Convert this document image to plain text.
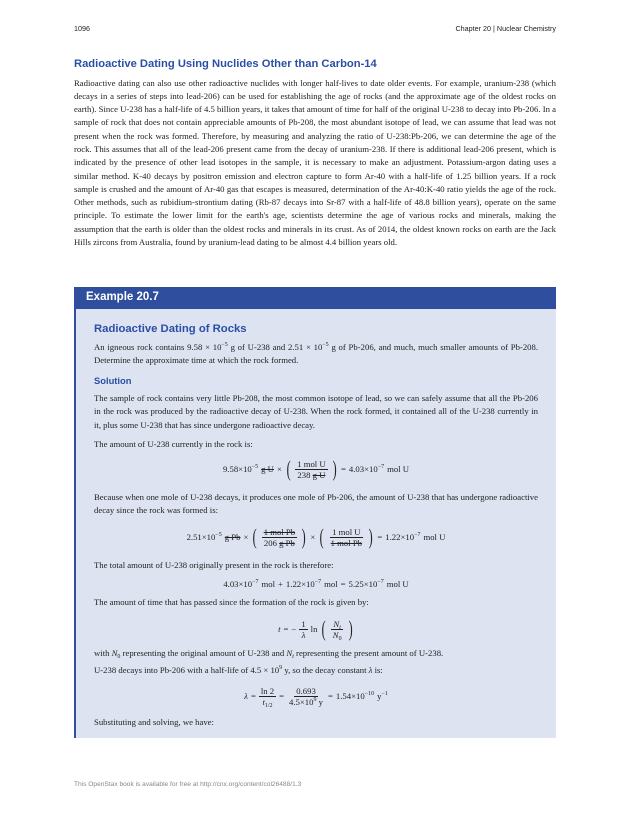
1096	Chapter 20 | Nuclear Chemistry
Radioactive Dating Using Nuclides Other than Carbon-14

Radioactive dating can also use other radioactive nuclides with longer half-lives to date older events. For example, uranium-238 (which decays in a series of steps into lead-206) can be used for establishing the age of rocks (and the approximate age of the oldest rocks on earth). Since U-238 has a half-life of 4.5 billion years, it takes that amount of time for half of the original U-238 to decay into Pb-206. In a sample of rock that does not contain appreciable amounts of Pb-208, the most abundant isotope of lead, we can assume that lead was not present when the rock was formed. Therefore, by measuring and analyzing the ratio of U-238:Pb-206, we can determine the age of the rock. This assumes that all of the lead-206 present came from the decay of uranium-238. If there is additional lead-206 present, which is indicated by the presence of other lead isotopes in the sample, it is necessary to make an adjustment. Potassium-argon dating uses a similar method. K-40 decays by positron emission and electron capture to form Ar-40 with a half-life of 1.25 billion years. If a rock sample is crushed and the amount of Ar-40 gas that escapes is measured, determination of the Ar-40:K-40 ratio yields the age of the rock. Other methods, such as rubidium-strontium dating (Rb-87 decays into Sr-87 with a half-life of 48.8 billion years), operate on the same principle. To estimate the lower limit for the earth's age, scientists determine the age of various rocks and minerals, making the assumption that the earth is older than the oldest rocks and minerals in its crust. As of 2014, the oldest known rocks on earth are the Jack Hills zircons from Australia, found by uranium-lead dating to be almost 4.4 billion years old.

Example 20.7
Radioactive Dating of Rocks

An igneous rock contains $9.58 \times 10^{-5}$ g of U-238 and $2.51 \times 10^{-5}$ g of Pb-206, and much, much smaller amounts of Pb-208. Determine the approximate time at which the rock formed.

Solution

The sample of rock contains very little Pb-208, the most common isotope of lead, so we can safely assume that all the Pb-206 in the rock was produced by the radioactive decay of U-238. When the rock formed, it contained all of the U-238 currently in it, plus some U-238 that has since undergone radioactive decay.

The amount of U-238 currently in the rock is:

$9.58\times 10^{-5}$ g U × ( $\frac{\text{1 mol U}}{\text{238 g U}}$ ) = $4.03\times 10^{-7}$ mol U

Because when one mole of U-238 decays, it produces one mole of Pb-206, the amount of U-238 that has undergone radioactive decay since the rock was formed is:

$2.51\times 10^{-5}$ g Pb × ( $\frac{\text{1 mol Pb}}{\text{206 g Pb}}$ ) × ( $\frac{\text{1 mol U}}{\text{1 mol Pb}}$ ) = $1.22\times 10^{-7}$ mol U

The total amount of U-238 originally present in the rock is therefore:

$4.03\times 10^{-7}$ mol + $1.22\times 10^{-7}$ mol = $5.25\times 10^{-7}$ mol U

The amount of time that has passed since the formation of the rock is given by:

t = − $\frac{1}{\lambda}$ ln ( $\frac{N_t}{N_0}$ )

with $N_0$ representing the original amount of U-238 and $N_t$ representing the present amount of U-238.

U-238 decays into Pb-206 with a half-life of $4.5 \times 10^9$ y, so the decay constant λ is:

$\lambda = \frac{\ln 2}{t_{1/2}} = \frac{0.693}{4.5\times 10^9 y} = 1.54\times 10^{-10}$ $y^{-1}$

Substituting and solving, we have:

This OpenStax book is available for free at http://cnx.org/content/col26488/1.3
